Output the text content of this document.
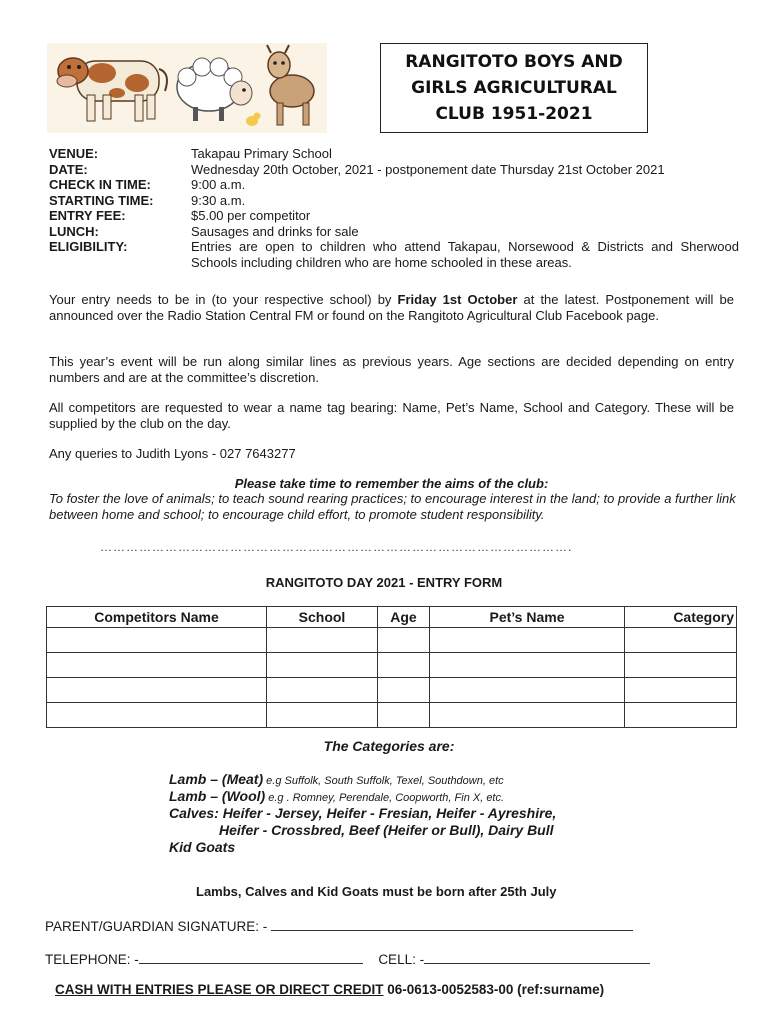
RANGITOTO BOYS AND
GIRLS AGRICULTURAL
CLUB 1951-2021
VENUE:	Takapau Primary School
DATE:	Wednesday 20th October, 2021 - postponement date Thursday 21st October 2021
CHECK IN TIME:	9:00 a.m.
STARTING TIME:	9:30 a.m.
ENTRY FEE:	$5.00 per competitor
LUNCH:	Sausages and drinks for sale
ELIGIBILITY:	Entries are open to children who attend Takapau, Norsewood & Districts and Sherwood Schools including children who are home schooled in these areas.
Your entry needs to be in (to your respective school) by Friday 1st October at the latest. Postponement will be announced over the Radio Station Central FM or found on the Rangitoto Agricultural Club Facebook page.
This year’s event will be run along similar lines as previous years. Age sections are decided depending on entry numbers and are at the committee’s discretion.
All competitors are requested to wear a name tag bearing: Name, Pet’s Name, School and Category. These will be supplied by the club on the day.
Any queries to Judith Lyons - 027 7643277
Please take time to remember the aims of the club:
To foster the love of animals; to teach sound rearing practices; to encourage interest in the land; to provide a further link between home and school; to encourage child effort, to promote student responsibility.
……………………………………………………………………………………………….
RANGITOTO DAY 2021 - ENTRY FORM
Competitors Name	School	Age	Pet’s Name	Category

The Categories are:
Lamb – (Meat) e.g Suffolk, South Suffolk, Texel, Southdown, etc
Lamb – (Wool) e.g . Romney, Perendale, Coopworth, Fin X, etc.
Calves: Heifer - Jersey, Heifer - Fresian, Heifer - Ayreshire,
Heifer - Crossbred, Beef (Heifer or Bull), Dairy Bull
Kid Goats
Lambs, Calves and Kid Goats must be born after 25th July
PARENT/GUARDIAN SIGNATURE: -
TELEPHONE: -	CELL: -
CASH WITH ENTRIES PLEASE OR DIRECT CREDIT 06-0613-0052583-00 (ref:surname)
